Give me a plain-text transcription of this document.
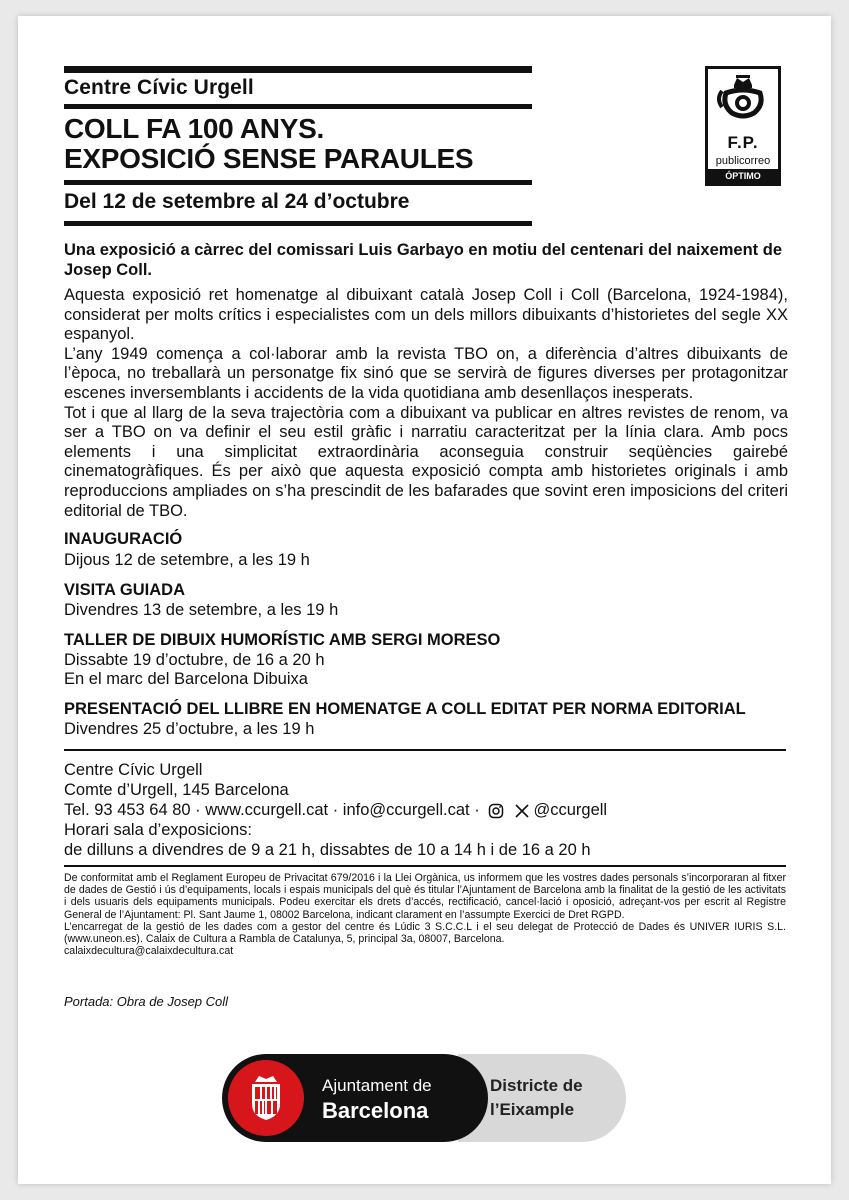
Centre Cívic Urgell
COLL FA 100 ANYS.
EXPOSICIÓ SENSE PARAULES
Del 12 de setembre al 24 d’octubre
F.P.
publicorreo
ÓPTIMO
Una exposició a càrrec del comissari Luis Garbayo en motiu del centenari del naixement de Josep Coll.

Aquesta exposició ret homenatge al dibuixant català Josep Coll i Coll (Barcelona, 1924-1984), considerat per molts crítics i especialistes com un dels millors dibuixants d’historietes del segle XX espanyol.

L’any 1949 comença a col·laborar amb la revista TBO on, a diferència d’altres dibuixants de l’època, no treballarà un personatge fix sinó que se servirà de figures diverses per protagonitzar escenes inversemblants i accidents de la vida quotidiana amb desenllaços inesperats.

Tot i que al llarg de la seva trajectòria com a dibuixant va publicar en altres revistes de renom, va ser a TBO on va definir el seu estil gràfic i narratiu caracteritzat per la línia clara. Amb pocs elements i una simplicitat extraordinària aconseguia construir seqüències gairebé cinematogràfiques. És per això que aquesta exposició compta amb historietes originals i amb reproduccions ampliades on s’ha prescindit de les bafarades que sovint eren imposicions del criteri editorial de TBO.

INAUGURACIÓ
Dijous 12 de setembre, a les 19 h
VISITA GUIADA
Divendres 13 de setembre, a les 19 h
TALLER DE DIBUIX HUMORÍSTIC AMB SERGI MORESO
Dissabte 19 d’octubre, de 16 a 20 h
En el marc del Barcelona Dibuixa
PRESENTACIÓ DEL LLIBRE EN HOMENATGE A COLL EDITAT PER NORMA EDITORIAL
Divendres 25 d’octubre, a les 19 h
Centre Cívic Urgell
Comte d’Urgell, 145 Barcelona
Tel. 93 453 64 80 · www.ccurgell.cat · info@ccurgell.cat ·	@ccurgell
Horari sala d’exposicions:
de dilluns a divendres de 9 a 21 h, dissabtes de 10 a 14 h i de 16 a 20 h

De conformitat amb el Reglament Europeu de Privacitat 679/2016 i la Llei Orgànica, us informem que les vostres dades personals s’incorporaran al fitxer de dades de Gestió i ús d’equipaments, locals i espais municipals del què és titular l’Ajuntament de Barcelona amb la finalitat de la gestió de les activitats i dels usuaris dels equipaments municipals. Podeu exercitar els drets d’accés, rectificació, cancel·lació i oposició, adreçant-vos per escrit al Registre General de l’Ajuntament: Pl. Sant Jaume 1, 08002 Barcelona, indicant clarament en l’assumpte Exercici de Dret RGPD.

L’encarregat de la gestió de les dades com a gestor del centre és Lúdic 3 S.C.C.L i el seu delegat de Protecció de Dades és UNIVER IURIS S.L. (www.uneon.es). Calaix de Cultura a Rambla de Catalunya, 5, principal 3a, 08007, Barcelona.

calaixdecultura@calaixdecultura.cat

Portada: Obra de Josep Coll
Ajuntament de
Barcelona
Districte de
l’Eixample
